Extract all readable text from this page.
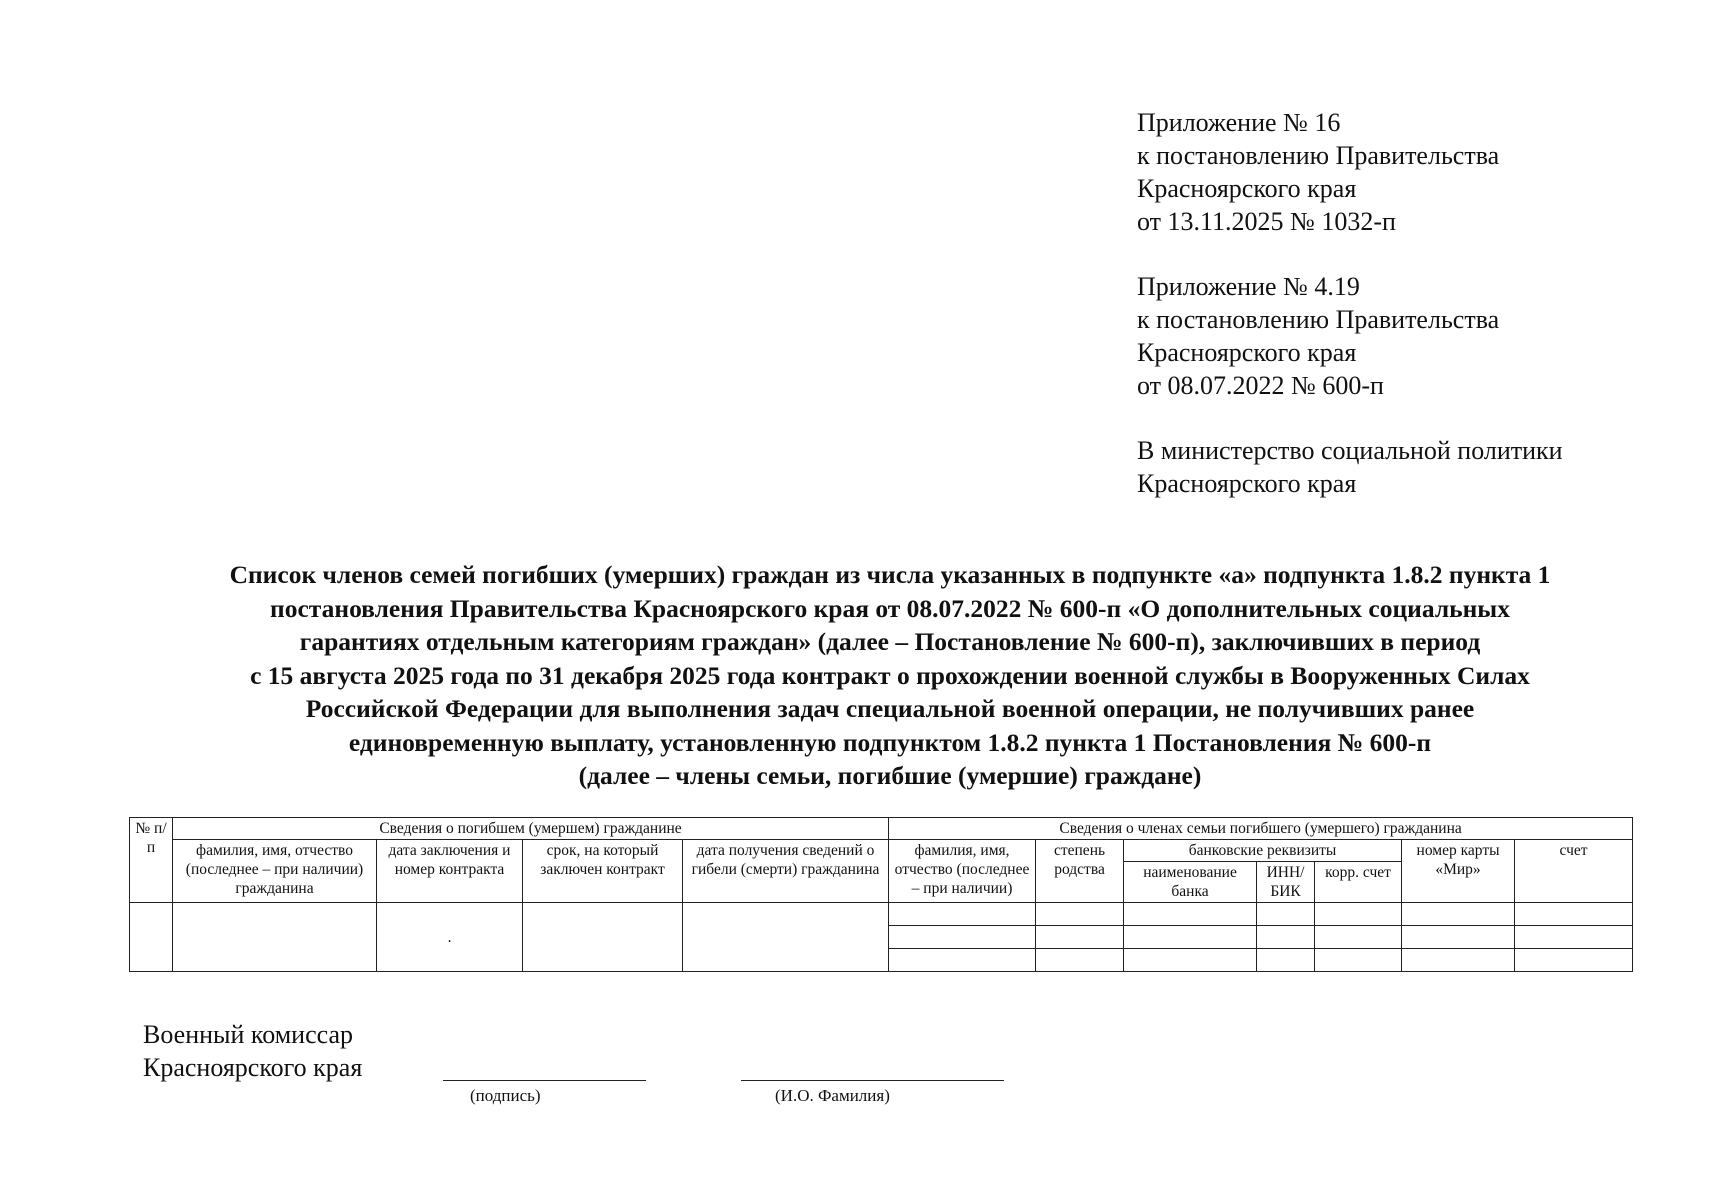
Приложение № 16
к постановлению Правительства
Красноярского края
от 13.11.2025 № 1032-п
Приложение № 4.19
к постановлению Правительства
Красноярского края
от 08.07.2022 № 600-п
В министерство социальной политики
Красноярского края
Список членов семей погибших (умерших) граждан из числа указанных в подпункте «а» подпункта 1.8.2 пункта 1
постановления Правительства Красноярского края от 08.07.2022 № 600-п «О дополнительных социальных
гарантиях отдельным категориям граждан» (далее – Постановление № 600-п), заключивших в период
с 15 августа 2025 года по 31 декабря 2025 года контракт о прохождении военной службы в Вооруженных Силах
Российской Федерации для выполнения задач специальной военной операции, не получивших ранее
единовременную выплату, установленную подпунктом 1.8.2 пункта 1 Постановления № 600-п
(далее – члены семьи, погибшие (умершие) граждане)
№ п/п	Сведения о погибшем (умершем) гражданине				Сведения о членах семьи погибшего (умершего) гражданина						
	фамилия, имя, отчество (последнее – при наличии) гражданина	дата заключения и номер контракта	срок, на который заключен контракт	дата получения сведений о гибели (смерти) гражданина	фамилия, имя, отчество (последнее – при наличии)	степень родства	банковские реквизиты			номер карты «Мир»	счет
							наименование банка	ИНН/ БИК	корр. счет		
		.									

Военный комиссар
Красноярского края
(подпись)	(И.О. Фамилия)
